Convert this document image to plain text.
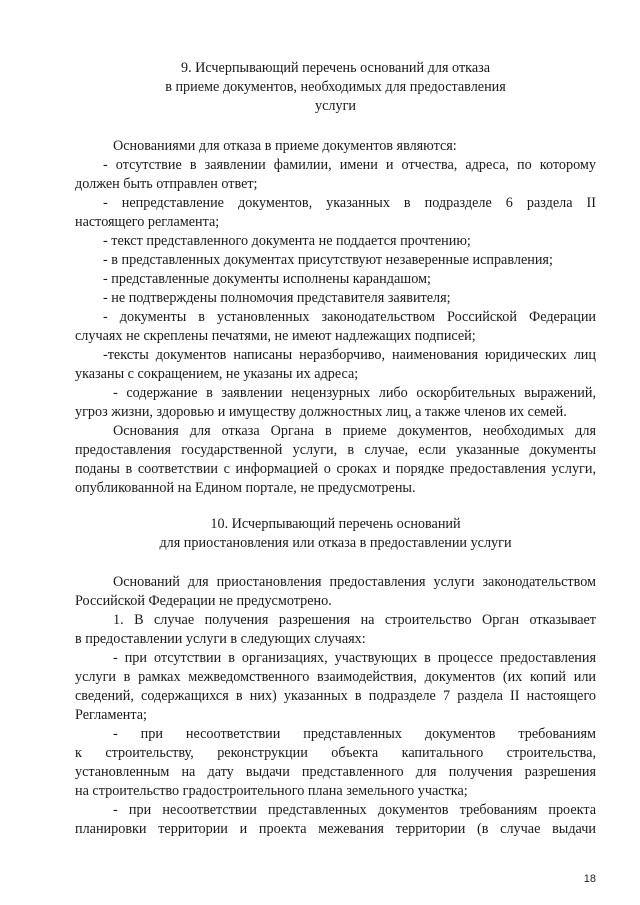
9. Исчерпывающий перечень оснований для отказа
в приеме документов, необходимых для предоставления
услуги
Основаниями для отказа в приеме документов являются:
- отсутствие в заявлении фамилии, имени и отчества, адреса, по которому
должен быть отправлен ответ;
- непредставление документов, указанных в подразделе 6 раздела II
настоящего регламента;
- текст представленного документа не поддается прочтению;
- в представленных документах присутствуют незаверенные исправления;
- представленные документы исполнены карандашом;
- не подтверждены полномочия представителя заявителя;
- документы в установленных законодательством Российской Федерации
случаях не скреплены печатями, не имеют надлежащих подписей;
-тексты документов написаны неразборчиво, наименования юридических лиц
указаны с сокращением, не указаны их адреса;
- содержание в заявлении нецензурных либо оскорбительных выражений,
угроз жизни, здоровью и имуществу должностных лиц, а также членов их семей.
Основания для отказа Органа в приеме документов, необходимых для
предоставления государственной услуги, в случае, если указанные документы
поданы в соответствии с информацией о сроках и порядке предоставления услуги,
опубликованной на Едином портале, не предусмотрены.
10. Исчерпывающий перечень оснований
для приостановления или отказа в предоставлении услуги
Оснований для приостановления предоставления услуги законодательством
Российской Федерации не предусмотрено.
1. В случае получения разрешения на строительство Орган отказывает
в предоставлении услуги в следующих случаях:
- при отсутствии в организациях, участвующих в процессе предоставления
услуги в рамках межведомственного взаимодействия, документов (их копий или
сведений, содержащихся в них) указанных в подразделе 7 раздела II настоящего
Регламента;
- при несоответствии представленных документов требованиям
к строительству, реконструкции объекта капитального строительства,
установленным на дату выдачи представленного для получения разрешения
на строительство градостроительного плана земельного участка;
- при несоответствии представленных документов требованиям проекта
планировки территории и проекта межевания территории (в случае выдачи
18
